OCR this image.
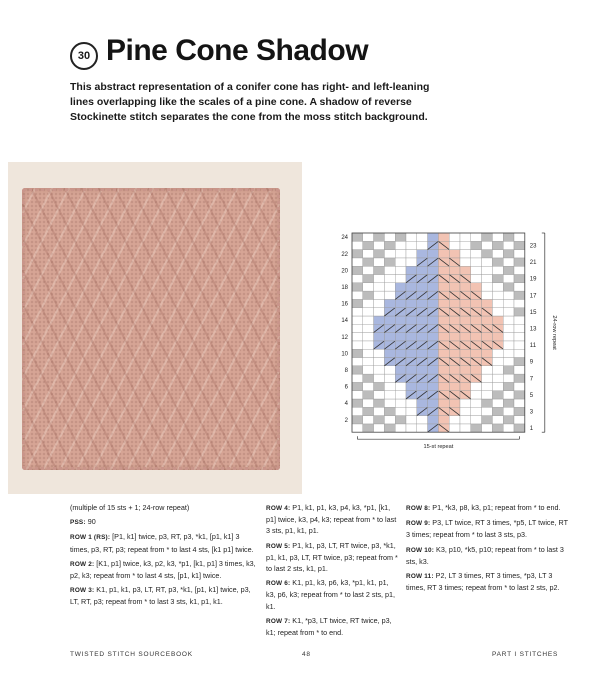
30 Pine Cone Shadow
This abstract representation of a conifer cone has right- and left-leaning lines overlapping like the scales of a pine cone. A shadow of reverse Stockinette stitch separates the cone from the moss stitch background.
24
22
20
18
16
14
12
10
8
6
4
2
23
21
19
17
15
13
11
9
7
5
3
1
15-st repeat
24-row repeat

(multiple of 15 sts + 1; 24-row repeat)

PSS: 90

ROW 1 (RS): [P1, k1] twice, p3, RT, p3, *k1, [p1, k1] 3 times, p3, RT, p3; repeat from * to last 4 sts, [k1 p1] twice.

ROW 2: [K1, p1] twice, k3, p2, k3, *p1, [k1, p1] 3 times, k3, p2, k3; repeat from * to last 4 sts, [p1, k1] twice.

ROW 3: K1, p1, k1, p3, LT, RT, p3, *k1, [p1, k1] twice, p3, LT, RT, p3; repeat from * to last 3 sts, k1, p1, k1.

ROW 4: P1, k1, p1, k3, p4, k3, *p1, [k1, p1] twice, k3, p4, k3; repeat from * to last 3 sts, p1, k1, p1.

ROW 5: P1, k1, p3, LT, RT twice, p3, *k1, p1, k1, p3, LT, RT twice, p3; repeat from * to last 2 sts, k1, p1.

ROW 6: K1, p1, k3, p6, k3, *p1, k1, p1, k3, p6, k3; repeat from * to last 2 sts, p1, k1.

ROW 7: K1, *p3, LT twice, RT twice, p3, k1; repeat from * to end.

ROW 8: P1, *k3, p8, k3, p1; repeat from * to end.

ROW 9: P3, LT twice, RT 3 times, *p5, LT twice, RT 3 times; repeat from * to last 3 sts, p3.

ROW 10: K3, p10, *k5, p10; repeat from * to last 3 sts, k3.

ROW 11: P2, LT 3 times, RT 3 times, *p3, LT 3 times, RT 3 times; repeat from * to last 2 sts, p2.

TWISTED STITCH SOURCEBOOK	48	PART I STITCHES
